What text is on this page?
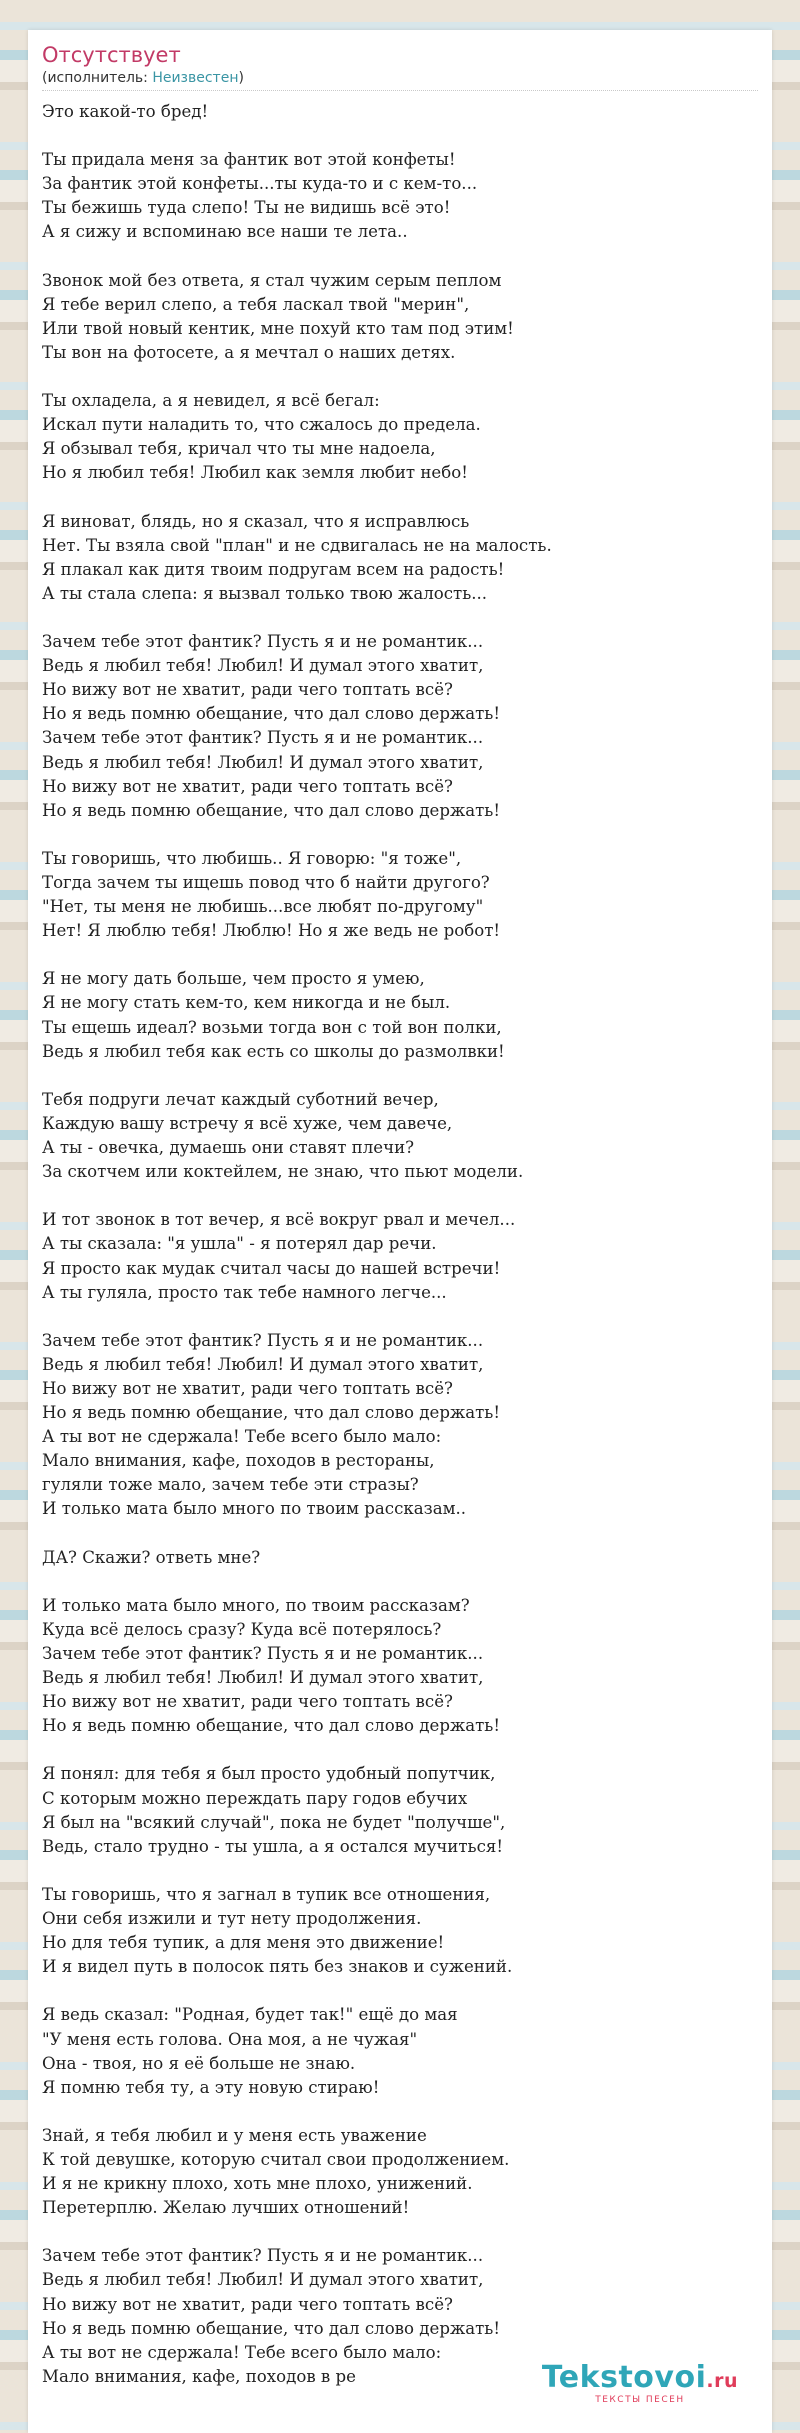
Отсутствует
(исполнитель: Неизвестен)
Это какой-то бред!
Ты придала меня за фантик вот этой конфеты!
За фантик этой конфеты...ты куда-то и с кем-то...
Ты бежишь туда слепо! Ты не видишь всё это!
А я сижу и вспоминаю все наши те лета..
Звонок мой без ответа, я стал чужим серым пеплом
Я тебе верил слепо, а тебя ласкал твой "мерин",
Или твой новый кентик, мне похуй кто там под этим!
Ты вон на фотосете, а я мечтал о наших детях.
Ты охладела, а я невидел, я всё бегал:
Искал пути наладить то, что сжалось до предела.
Я обзывал тебя, кричал что ты мне надоела,
Но я любил тебя! Любил как земля любит небо!
Я виноват, блядь, но я сказал, что я исправлюсь
Нет. Ты взяла свой "план" и не сдвигалась не на малость.
Я плакал как дитя твоим подругам всем на радость!
А ты стала слепа: я вызвал только твою жалость...
Зачем тебе этот фантик? Пусть я и не романтик...
Ведь я любил тебя! Любил! И думал этого хватит,
Но вижу вот не хватит, ради чего топтать всё?
Но я ведь помню обещание, что дал слово держать!
Зачем тебе этот фантик? Пусть я и не романтик...
Ведь я любил тебя! Любил! И думал этого хватит,
Но вижу вот не хватит, ради чего топтать всё?
Но я ведь помню обещание, что дал слово держать!
Ты говоришь, что любишь.. Я говорю: "я тоже",
Тогда зачем ты ищешь повод что б найти другого?
"Нет, ты меня не любишь...все любят по-другому"
Нет! Я люблю тебя! Люблю! Но я же ведь не робот!
Я не могу дать больше, чем просто я умею,
Я не могу стать кем-то, кем никогда и не был.
Ты ещешь идеал? возьми тогда вон с той вон полки,
Ведь я любил тебя как есть со школы до размолвки!
Тебя подруги лечат каждый суботний вечер,
Каждую вашу встречу я всё хуже, чем давече,
А ты - овечка, думаешь они ставят плечи?
За скотчем или коктейлем, не знаю, что пьют модели.
И тот звонок в тот вечер, я всё вокруг рвал и мечел...
А ты сказала: "я ушла" - я потерял дар речи.
Я просто как мудак считал часы до нашей встречи!
А ты гуляла, просто так тебе намного легче...
Зачем тебе этот фантик? Пусть я и не романтик...
Ведь я любил тебя! Любил! И думал этого хватит,
Но вижу вот не хватит, ради чего топтать всё?
Но я ведь помню обещание, что дал слово держать!
А ты вот не сдержала! Тебе всего было мало:
Мало внимания, кафе, походов в рестораны,
гуляли тоже мало, зачем тебе эти стразы?
И только мата было много по твоим рассказам..
ДА? Скажи? ответь мне?
И только мата было много, по твоим рассказам?
Куда всё делось сразу? Куда всё потерялось?
Зачем тебе этот фантик? Пусть я и не романтик...
Ведь я любил тебя! Любил! И думал этого хватит,
Но вижу вот не хватит, ради чего топтать всё?
Но я ведь помню обещание, что дал слово держать!
Я понял: для тебя я был просто удобный попутчик,
С которым можно переждать пару годов ебучих
Я был на "всякий случай", пока не будет "получше",
Ведь, стало трудно - ты ушла, а я остался мучиться!
Ты говоришь, что я загнал в тупик все отношения,
Они себя изжили и тут нету продолжения.
Но для тебя тупик, а для меня это движение!
И я видел путь в полосок пять без знаков и сужений.
Я ведь сказал: "Родная, будет так!" ещё до мая
"У меня есть голова. Она моя, а не чужая"
Она - твоя, но я её больше не знаю.
Я помню тебя ту, а эту новую стираю!
Знай, я тебя любил и у меня есть уважение
К той девушке, которую считал свои продолжением.
И я не крикну плохо, хоть мне плохо, унижений.
Перетерплю. Желаю лучших отношений!
Зачем тебе этот фантик? Пусть я и не романтик...
Ведь я любил тебя! Любил! И думал этого хватит,
Но вижу вот не хватит, ради чего топтать всё?
Но я ведь помню обещание, что дал слово держать!
А ты вот не сдержала! Тебе всего было мало:
Мало внимания, кафе, походов в ре	Tekstovoi.ru
ТЕКСТЫ ПЕСЕН
